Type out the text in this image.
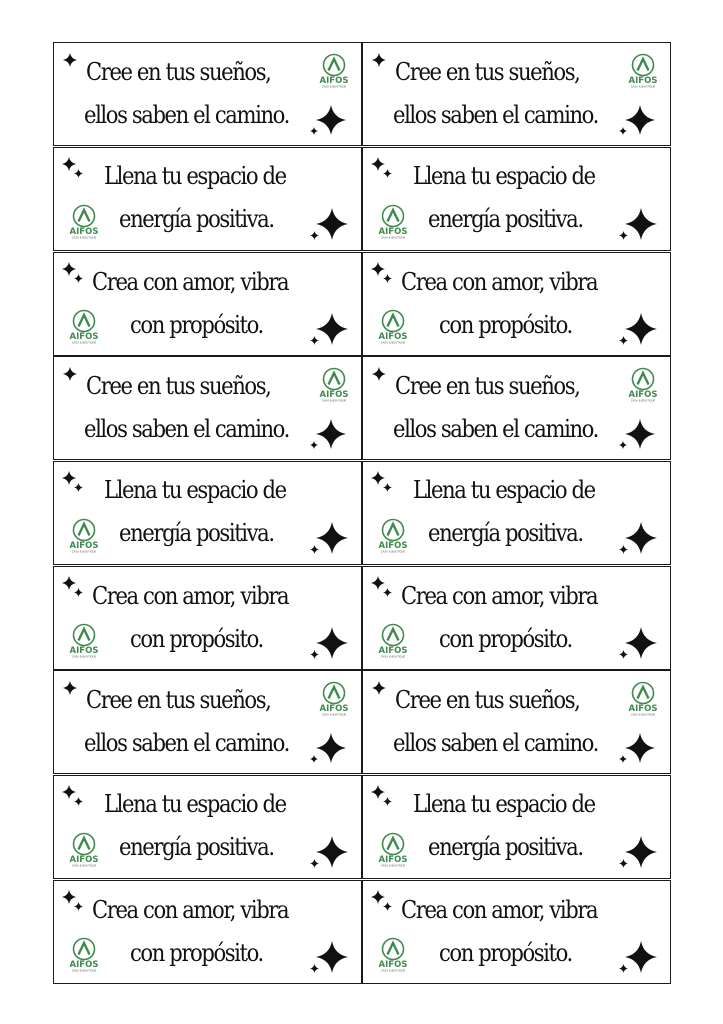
Cree en tus sueños,
ellos saben el camino.
AIFOS
CASA & BOUTIQUE
Cree en tus sueños,
ellos saben el camino.
AIFOS
CASA & BOUTIQUE
Llena tu espacio de
energía positiva.
AIFOS
CASA & BOUTIQUE
Llena tu espacio de
energía positiva.
AIFOS
CASA & BOUTIQUE
Crea con amor, vibra
con propósito.
AIFOS
CASA & BOUTIQUE
Crea con amor, vibra
con propósito.
AIFOS
CASA & BOUTIQUE
Cree en tus sueños,
ellos saben el camino.
AIFOS
CASA & BOUTIQUE
Cree en tus sueños,
ellos saben el camino.
AIFOS
CASA & BOUTIQUE
Llena tu espacio de
energía positiva.
AIFOS
CASA & BOUTIQUE
Llena tu espacio de
energía positiva.
AIFOS
CASA & BOUTIQUE
Crea con amor, vibra
con propósito.
AIFOS
CASA & BOUTIQUE
Crea con amor, vibra
con propósito.
AIFOS
CASA & BOUTIQUE
Cree en tus sueños,
ellos saben el camino.
AIFOS
CASA & BOUTIQUE
Cree en tus sueños,
ellos saben el camino.
AIFOS
CASA & BOUTIQUE
Llena tu espacio de
energía positiva.
AIFOS
CASA & BOUTIQUE
Llena tu espacio de
energía positiva.
AIFOS
CASA & BOUTIQUE
Crea con amor, vibra
con propósito.
AIFOS
CASA & BOUTIQUE
Crea con amor, vibra
con propósito.
AIFOS
CASA & BOUTIQUE
